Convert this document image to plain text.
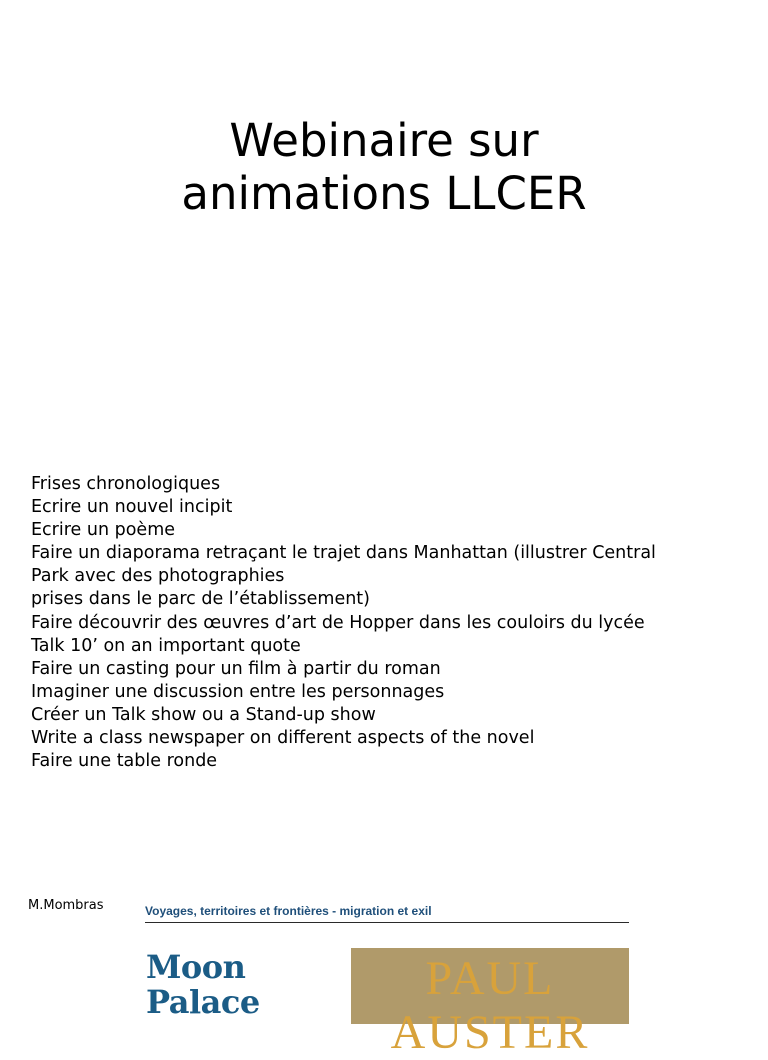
Webinaire sur
animations LLCER
Frises chronologiques
Ecrire un nouvel incipit
Ecrire un poème
Faire un diaporama retraçant le trajet dans Manhattan (illustrer Central
Park avec des photographies
prises dans le parc de l’établissement)
Faire découvrir des œuvres d’art de Hopper dans les couloirs du lycée
Talk 10’ on an important quote
Faire un casting pour un film à partir du roman
Imaginer une discussion entre les personnages
Créer un Talk show ou a Stand-up show
Write a class newspaper on different aspects of the novel
Faire une table ronde
M.Mombras	Voyages, territoires et frontières - migration et exil
Moon
Palace	PAUL
AUSTER
